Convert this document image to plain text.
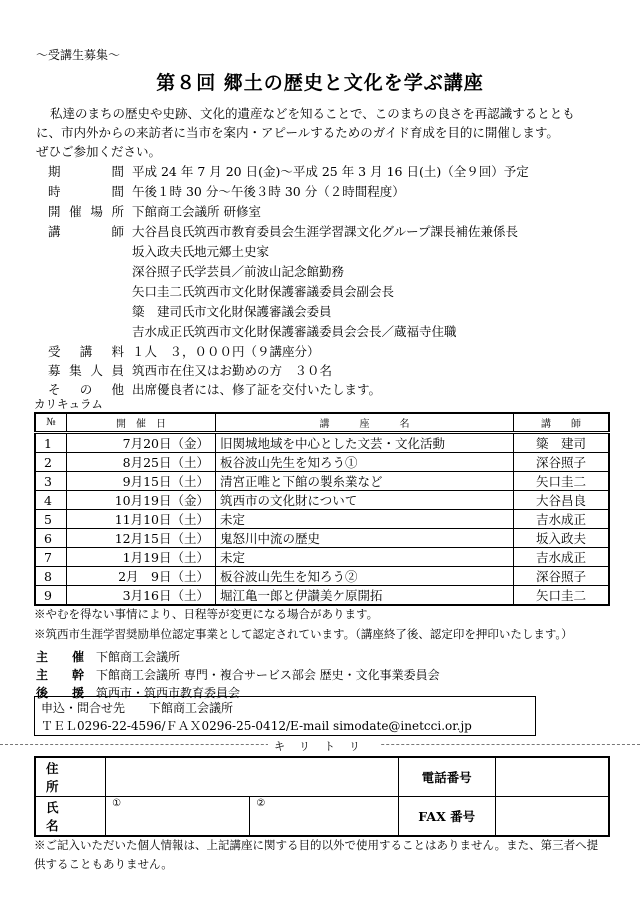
～受講生募集～
第８回 郷土の歴史と文化を学ぶ講座
私達のまちの歴史や史跡、文化的遺産などを知ることで、このまちの良さを再認識するととも
に、市内外からの来訪者に当市を案内・アピールするためのガイド育成を目的に開催します。
ぜひご参加ください。
期　　間 平成 24 年 7 月 20 日(金)～平成 25 年 3 月 16 日(土)（全９回）予定
時　　間 午後１時 30 分～午後３時 30 分（２時間程度）
開催場所 下館商工会議所 研修室
講　　師 大谷昌良氏筑西市教育委員会生涯学習課文化グループ課長補佐兼係長
坂入政夫氏地元郷土史家
深谷照子氏学芸員／前波山記念館勤務
矢口圭二氏筑西市文化財保護審議委員会副会長
簗　建司氏市文化財保護審議会委員
吉水成正氏筑西市文化財保護審議委員会会長／蔵福寺住職
受 講 料 １人　３，０００円（９講座分）
募集人員 筑西市在住又はお勤めの方　３０名
そ の 他 出席優良者には、修了証を交付いたします。
カリキュラム
№	開　催　日	講　　　座　　　名	講　　師
1	7月20日（金）	旧関城地域を中心とした文芸・文化活動	簗　建司
2	8月25日（土）	板谷波山先生を知ろう①	深谷照子
3	9月15日（土）	清宮正唯と下館の製糸業など	矢口圭二
4	10月19日（金）	筑西市の文化財について	大谷昌良
5	11月10日（土）	未定	吉水成正
6	12月15日（土）	鬼怒川中流の歴史	坂入政夫
7	1月19日（土）	未定	吉水成正
8	2月　9日（土）	板谷波山先生を知ろう②	深谷照子
9	3月16日（土）	堀江亀一郎と伊讃美ケ原開拓	矢口圭二
※やむを得ない事情により、日程等が変更になる場合があります。
※筑西市生涯学習奨励単位認定事業として認定されています。（講座終了後、認定印を押印いたします。）
主　　催 下館商工会議所
主　　幹 下館商工会議所 専門・複合サービス部会 歴史・文化事業委員会
後　　援 筑西市・筑西市教育委員会
申込・問合せ先　　下館商工会議所
ＴＥＬ0296-22-4596/ＦＡＸ0296-25-0412/E-mail simodate@inetcci.or.jp
キリトリ
住　所			電話番号	
氏　名	①	②	FAX 番号	
※ご記入いただいた個人情報は、上記講座に関する目的以外で使用することはありません。また、第三者へ提供することもありません。
